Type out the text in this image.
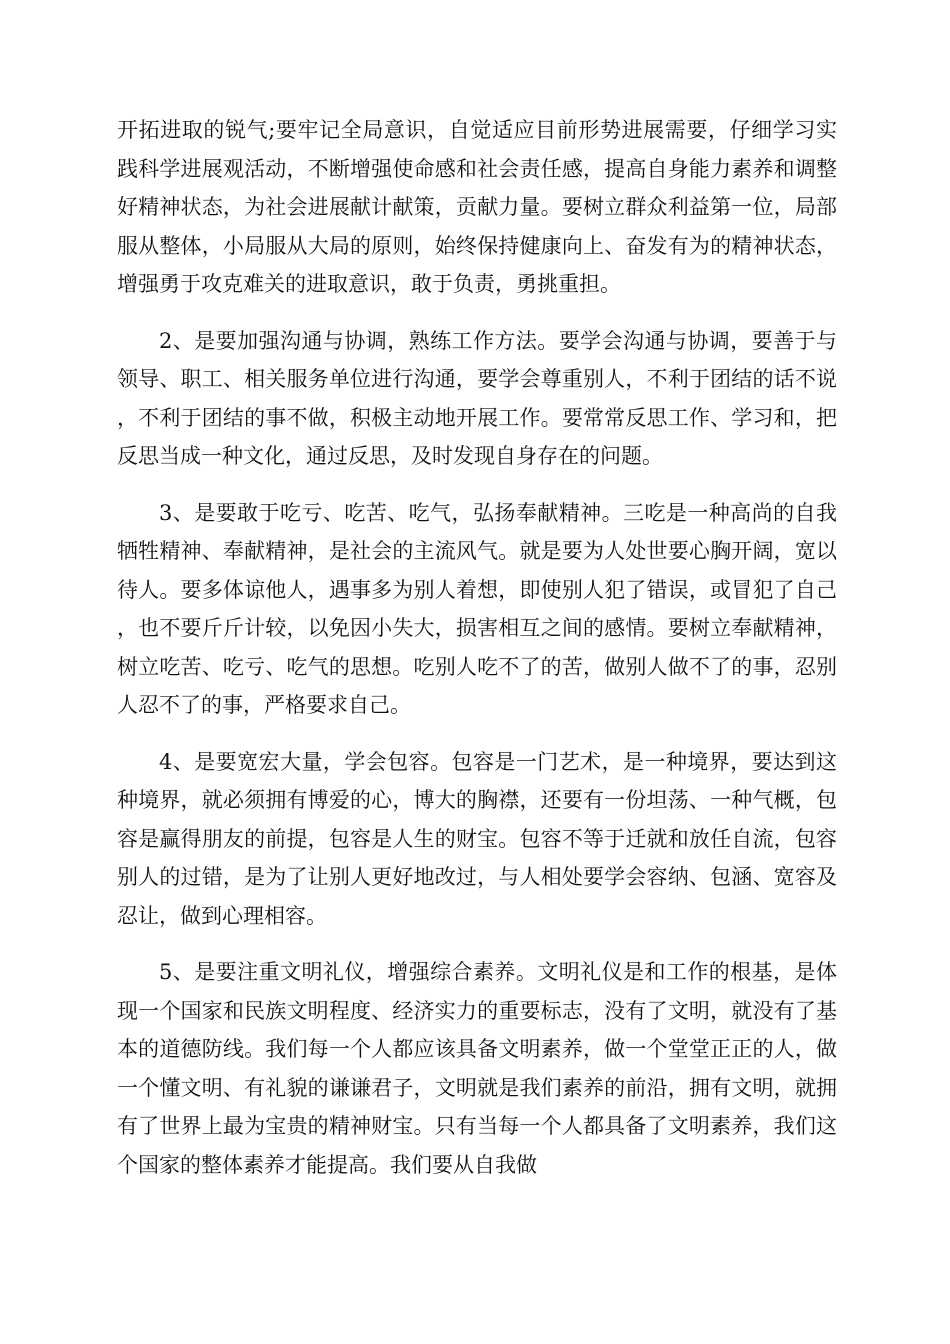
开拓进取的锐气;要牢记全局意识，自觉适应目前形势进展需要，仔细学习实践科学进展观活动，不断增强使命感和社会责任感，提高自身能力素养和调整好精神状态，为社会进展献计献策，贡献力量。要树立群众利益第一位，局部服从整体，小局服从大局的原则，始终保持健康向上、奋发有为的精神状态，增强勇于攻克难关的进取意识，敢于负责，勇挑重担。

2、是要加强沟通与协调，熟练工作方法。要学会沟通与协调，要善于与领导、职工、相关服务单位进行沟通，要学会尊重别人，不利于团结的话不说，不利于团结的事不做，积极主动地开展工作。要常常反思工作、学习和，把反思当成一种文化，通过反思，及时发现自身存在的问题。

3、是要敢于吃亏、吃苦、吃气，弘扬奉献精神。三吃是一种高尚的自我牺牲精神、奉献精神，是社会的主流风气。就是要为人处世要心胸开阔，宽以待人。要多体谅他人，遇事多为别人着想，即使别人犯了错误，或冒犯了自己，也不要斤斤计较，以免因小失大，损害相互之间的感情。要树立奉献精神，树立吃苦、吃亏、吃气的思想。吃别人吃不了的苦，做别人做不了的事，忍别人忍不了的事，严格要求自己。

4、是要宽宏大量，学会包容。包容是一门艺术，是一种境界，要达到这种境界，就必须拥有博爱的心，博大的胸襟，还要有一份坦荡、一种气概，包容是赢得朋友的前提，包容是人生的财宝。包容不等于迁就和放任自流，包容别人的过错，是为了让别人更好地改过，与人相处要学会容纳、包涵、宽容及忍让，做到心理相容。

5、是要注重文明礼仪，增强综合素养。文明礼仪是和工作的根基，是体现一个国家和民族文明程度、经济实力的重要标志，没有了文明，就没有了基本的道德防线。我们每一个人都应该具备文明素养，做一个堂堂正正的人，做一个懂文明、有礼貌的谦谦君子，文明就是我们素养的前沿，拥有文明，就拥有了世界上最为宝贵的精神财宝。只有当每一个人都具备了文明素养，我们这个国家的整体素养才能提高。我们要从自我做
